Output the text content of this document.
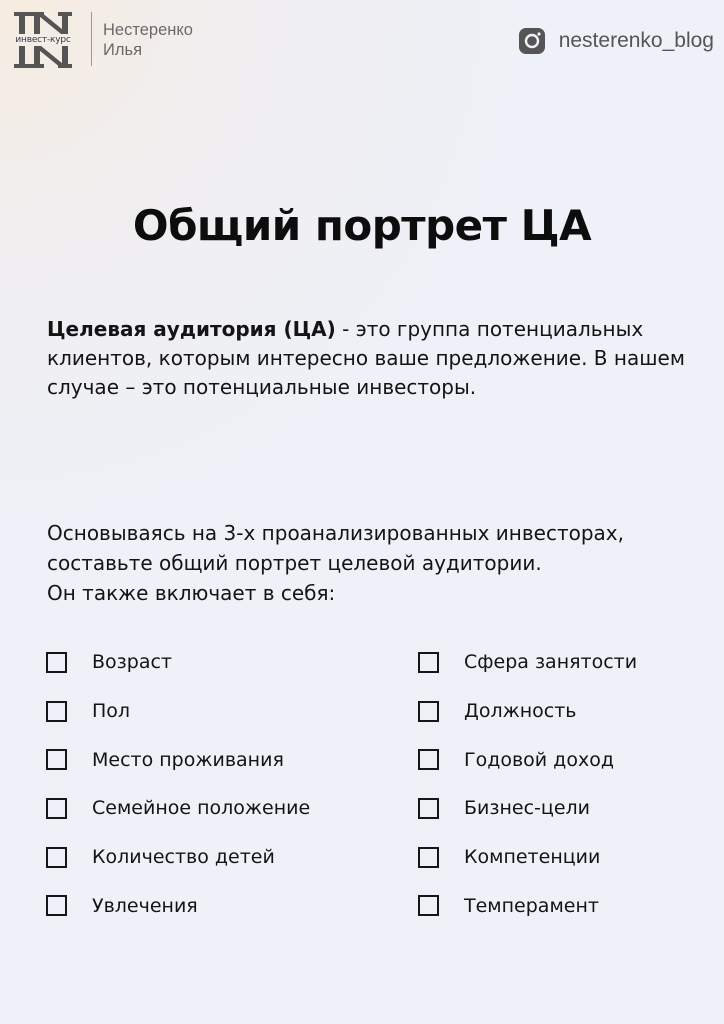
инвест-курс
Нестеренко
Илья	nesterenko_blog
Общий портрет ЦА
Целевая аудитория (ЦА) - это группа потенциальных клиентов, которым интересно ваше предложение. В нашем случае – это потенциальные инвесторы.
Основываясь на 3-х проанализированных инвесторах,
составьте общий портрет целевой аудитории.
Он также включает в себя:
Возраст
Пол
Место проживания
Семейное положение
Количество детей
Увлечения
Сфера занятости
Должность
Годовой доход
Бизнес-цели
Компетенции
Темперамент
